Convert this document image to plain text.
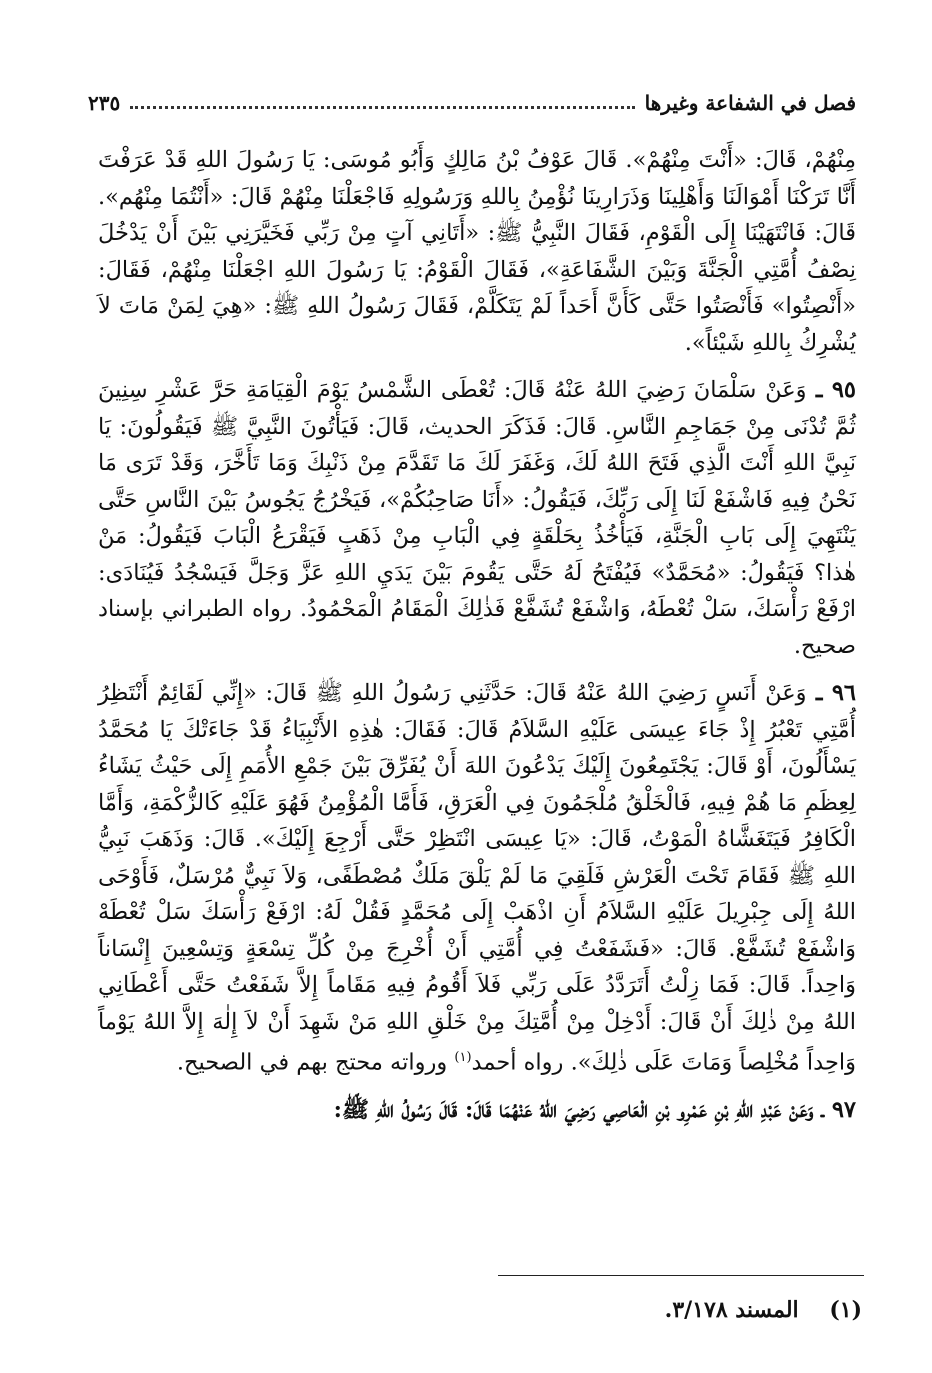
فصل في الشفاعة وغيرها
٢٣٥

مِنْهُمْ، قَالَ: «أَنْتَ مِنْهُمْ». قَالَ عَوْفُ بْنُ مَالِكٍ وَأَبُو مُوسَى: يَا رَسُولَ اللهِ قَدْ عَرَفْتَ أَنَّا تَرَكْنَا أَمْوَالَنَا وَأَهْلِينَا وَذَرَارِينَا نُؤْمِنُ بِاللهِ وَرَسُولِهِ فَاجْعَلْنَا مِنْهُمْ قَالَ: «أَنْتُمَا مِنْهُم». قَالَ: فَانْتَهَيْنَا إِلَى الْقَوْمِ، فَقَالَ النَّبِيُّ ﷺ: «أَتَانِي آتٍ مِنْ رَبِّي فَخَيَّرَنِي بَيْنَ أَنْ يَدْخُلَ نِصْفُ أُمَّتِي الْجَنَّةَ وَبَيْنَ الشَّفَاعَةِ»، فَقَالَ الْقَوْمُ: يَا رَسُولَ اللهِ اجْعَلْنَا مِنْهُمْ، فَقَالَ: «أَنْصِتُوا» فَأَنْصَتُوا حَتَّى كَأَنَّ أَحَداً لَمْ يَتَكَلَّمْ، فَقَالَ رَسُولُ اللهِ ﷺ: «هِيَ لِمَنْ مَاتَ لاَ يُشْرِكُ بِاللهِ شَيْئاً».

٩٥ ـ وَعَنْ سَلْمَانَ رَضِيَ اللهُ عَنْهُ قَالَ: تُعْطَى الشَّمْسُ يَوْمَ الْقِيَامَةِ حَرَّ عَشْرِ سِنِينَ ثُمَّ تُدْنَى مِنْ جَمَاجِمِ النَّاسِ. قَالَ: فَذَكَرَ الحديث، قَالَ: فَيَأْتُونَ النَّبِيَّ ﷺ فَيَقُولُونَ: يَا نَبِيَّ اللهِ أَنْتَ الَّذِي فَتَحَ اللهُ لَكَ، وَغَفَرَ لَكَ مَا تَقَدَّمَ مِنْ ذَنْبِكَ وَمَا تَأَخَّرَ، وَقَدْ تَرَى مَا نَحْنُ فِيهِ فَاشْفَعْ لَنَا إِلَى رَبِّكَ، فَيَقُولُ: «أَنَا صَاحِبُكُمْ»، فَيَخْرُجُ يَجُوسُ بَيْنَ النَّاسِ حَتَّى يَنْتَهِيَ إِلَى بَابِ الْجَنَّةِ، فَيَأْخُذُ بِحَلْقَةٍ فِي الْبَابِ مِنْ ذَهَبٍ فَيَقْرَعُ الْبَابَ فَيَقُولُ: مَنْ هٰذا؟ فَيَقُولُ: «مُحَمَّدٌ» فَيُفْتَحُ لَهُ حَتَّى يَقُومَ بَيْنَ يَدَيِ اللهِ عَزَّ وَجَلَّ فَيَسْجُدُ فَيُنَادَى: ارْفَعْ رَأْسَكَ، سَلْ تُعْطَهُ، وَاشْفَعْ تُشَفَّعْ فَذٰلِكَ الْمَقَامُ الْمَحْمُودُ. رواه الطبراني بإسناد صحيح.

٩٦ ـ وَعَنْ أَنَسٍ رَضِيَ اللهُ عَنْهُ قَالَ: حَدَّثَنِي رَسُولُ اللهِ ﷺ قَالَ: «إِنِّي لَقَائِمٌ أَنْتَظِرُ أُمَّتِي تَعْبُرُ إِذْ جَاءَ عِيسَى عَلَيْهِ السَّلاَمُ قَالَ: فَقَالَ: هٰذِهِ الأَنْبِيَاءُ قَدْ جَاءَتْكَ يَا مُحَمَّدُ يَسْأَلُونَ، أَوْ قَالَ: يَجْتَمِعُونَ إِلَيْكَ يَدْعُونَ اللهَ أَنْ يُفَرِّقَ بَيْنَ جَمْعِ الأُمَمِ إِلَى حَيْثُ يَشَاءُ لِعِظَمِ مَا هُمْ فِيهِ، فَالْخَلْقُ مُلْجَمُونَ فِي الْعَرَقِ، فَأَمَّا الْمُؤْمِنُ فَهُوَ عَلَيْهِ كَالزُّكْمَةِ، وَأَمَّا الْكَافِرُ فَيَتَغَشَّاهُ الْمَوْتُ، قَالَ: «يَا عِيسَى انْتَظِرْ حَتَّى أَرْجِعَ إِلَيْكَ». قَالَ: وَذَهَبَ نَبِيُّ اللهِ ﷺ فَقَامَ تَحْتَ الْعَرْشِ فَلَقِيَ مَا لَمْ يَلْقَ مَلَكٌ مُصْطَفًى، وَلاَ نَبِيٌّ مُرْسَلٌ، فَأَوْحَى اللهُ إِلَى جِبْرِيلَ عَلَيْهِ السَّلاَمُ أَنِ اذْهَبْ إِلَى مُحَمَّدٍ فَقُلْ لَهُ: ارْفَعْ رَأْسَكَ سَلْ تُعْطَهْ وَاشْفَعْ تُشَفَّعْ. قَالَ: «فَشَفَعْتُ فِي أُمَّتِي أَنْ أُخْرِجَ مِنْ كُلِّ تِسْعَةٍ وَتِسْعِينَ إِنْسَاناً وَاحِداً. قَالَ: فَمَا زِلْتُ أَتَرَدَّدُ عَلَى رَبِّي فَلاَ أَقُومُ فِيهِ مَقَاماً إِلاَّ شَفَعْتُ حَتَّى أَعْطَانِي اللهُ مِنْ ذٰلِكَ أَنْ قَالَ: أَدْخِلْ مِنْ أُمَّتِكَ مِنْ خَلْقِ اللهِ مَنْ شَهِدَ أَنْ لاَ إِلٰهَ إِلاَّ اللهُ يَوْماً وَاحِداً مُخْلِصاً وَمَاتَ عَلَى ذٰلِكَ». رواه أحمد$^{(١)}$ ورواته محتج بهم في الصحيح.

٩٧ ـ وَعَنْ عَبْدِ اللهِ بْنِ عَمْرِو بْنِ الْعَاصِي رَضِيَ اللهُ عَنْهُمَا قَالَ: قَالَ رَسُولُ اللهِ ﷺ:

(١)    المسند ٣/١٧٨.
